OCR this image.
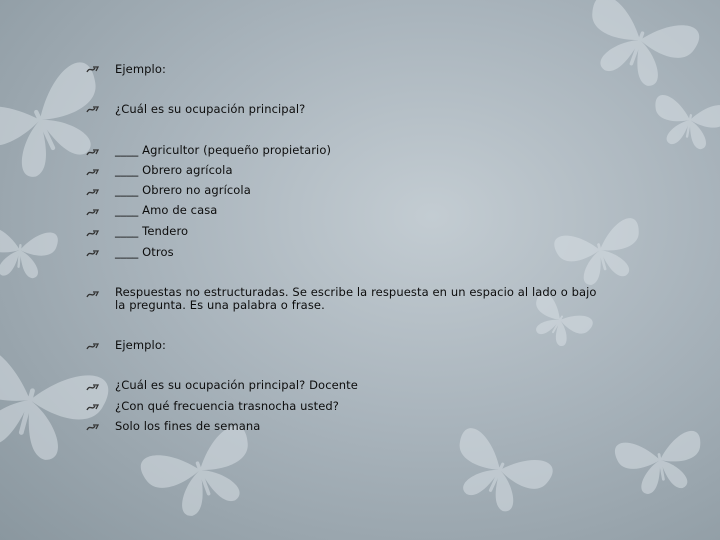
Ejemplo:
¿Cuál es su ocupación principal?
____ Agricultor (pequeño propietario)
____ Obrero agrícola
____ Obrero no agrícola
____ Amo de casa
____ Tendero
____ Otros
Respuestas no estructuradas. Se escribe la respuesta en un espacio al lado o bajo la pregunta. Es una palabra o frase.
Ejemplo:
¿Cuál es su ocupación principal? Docente
¿Con qué frecuencia trasnocha usted?
Solo los fines de semana
